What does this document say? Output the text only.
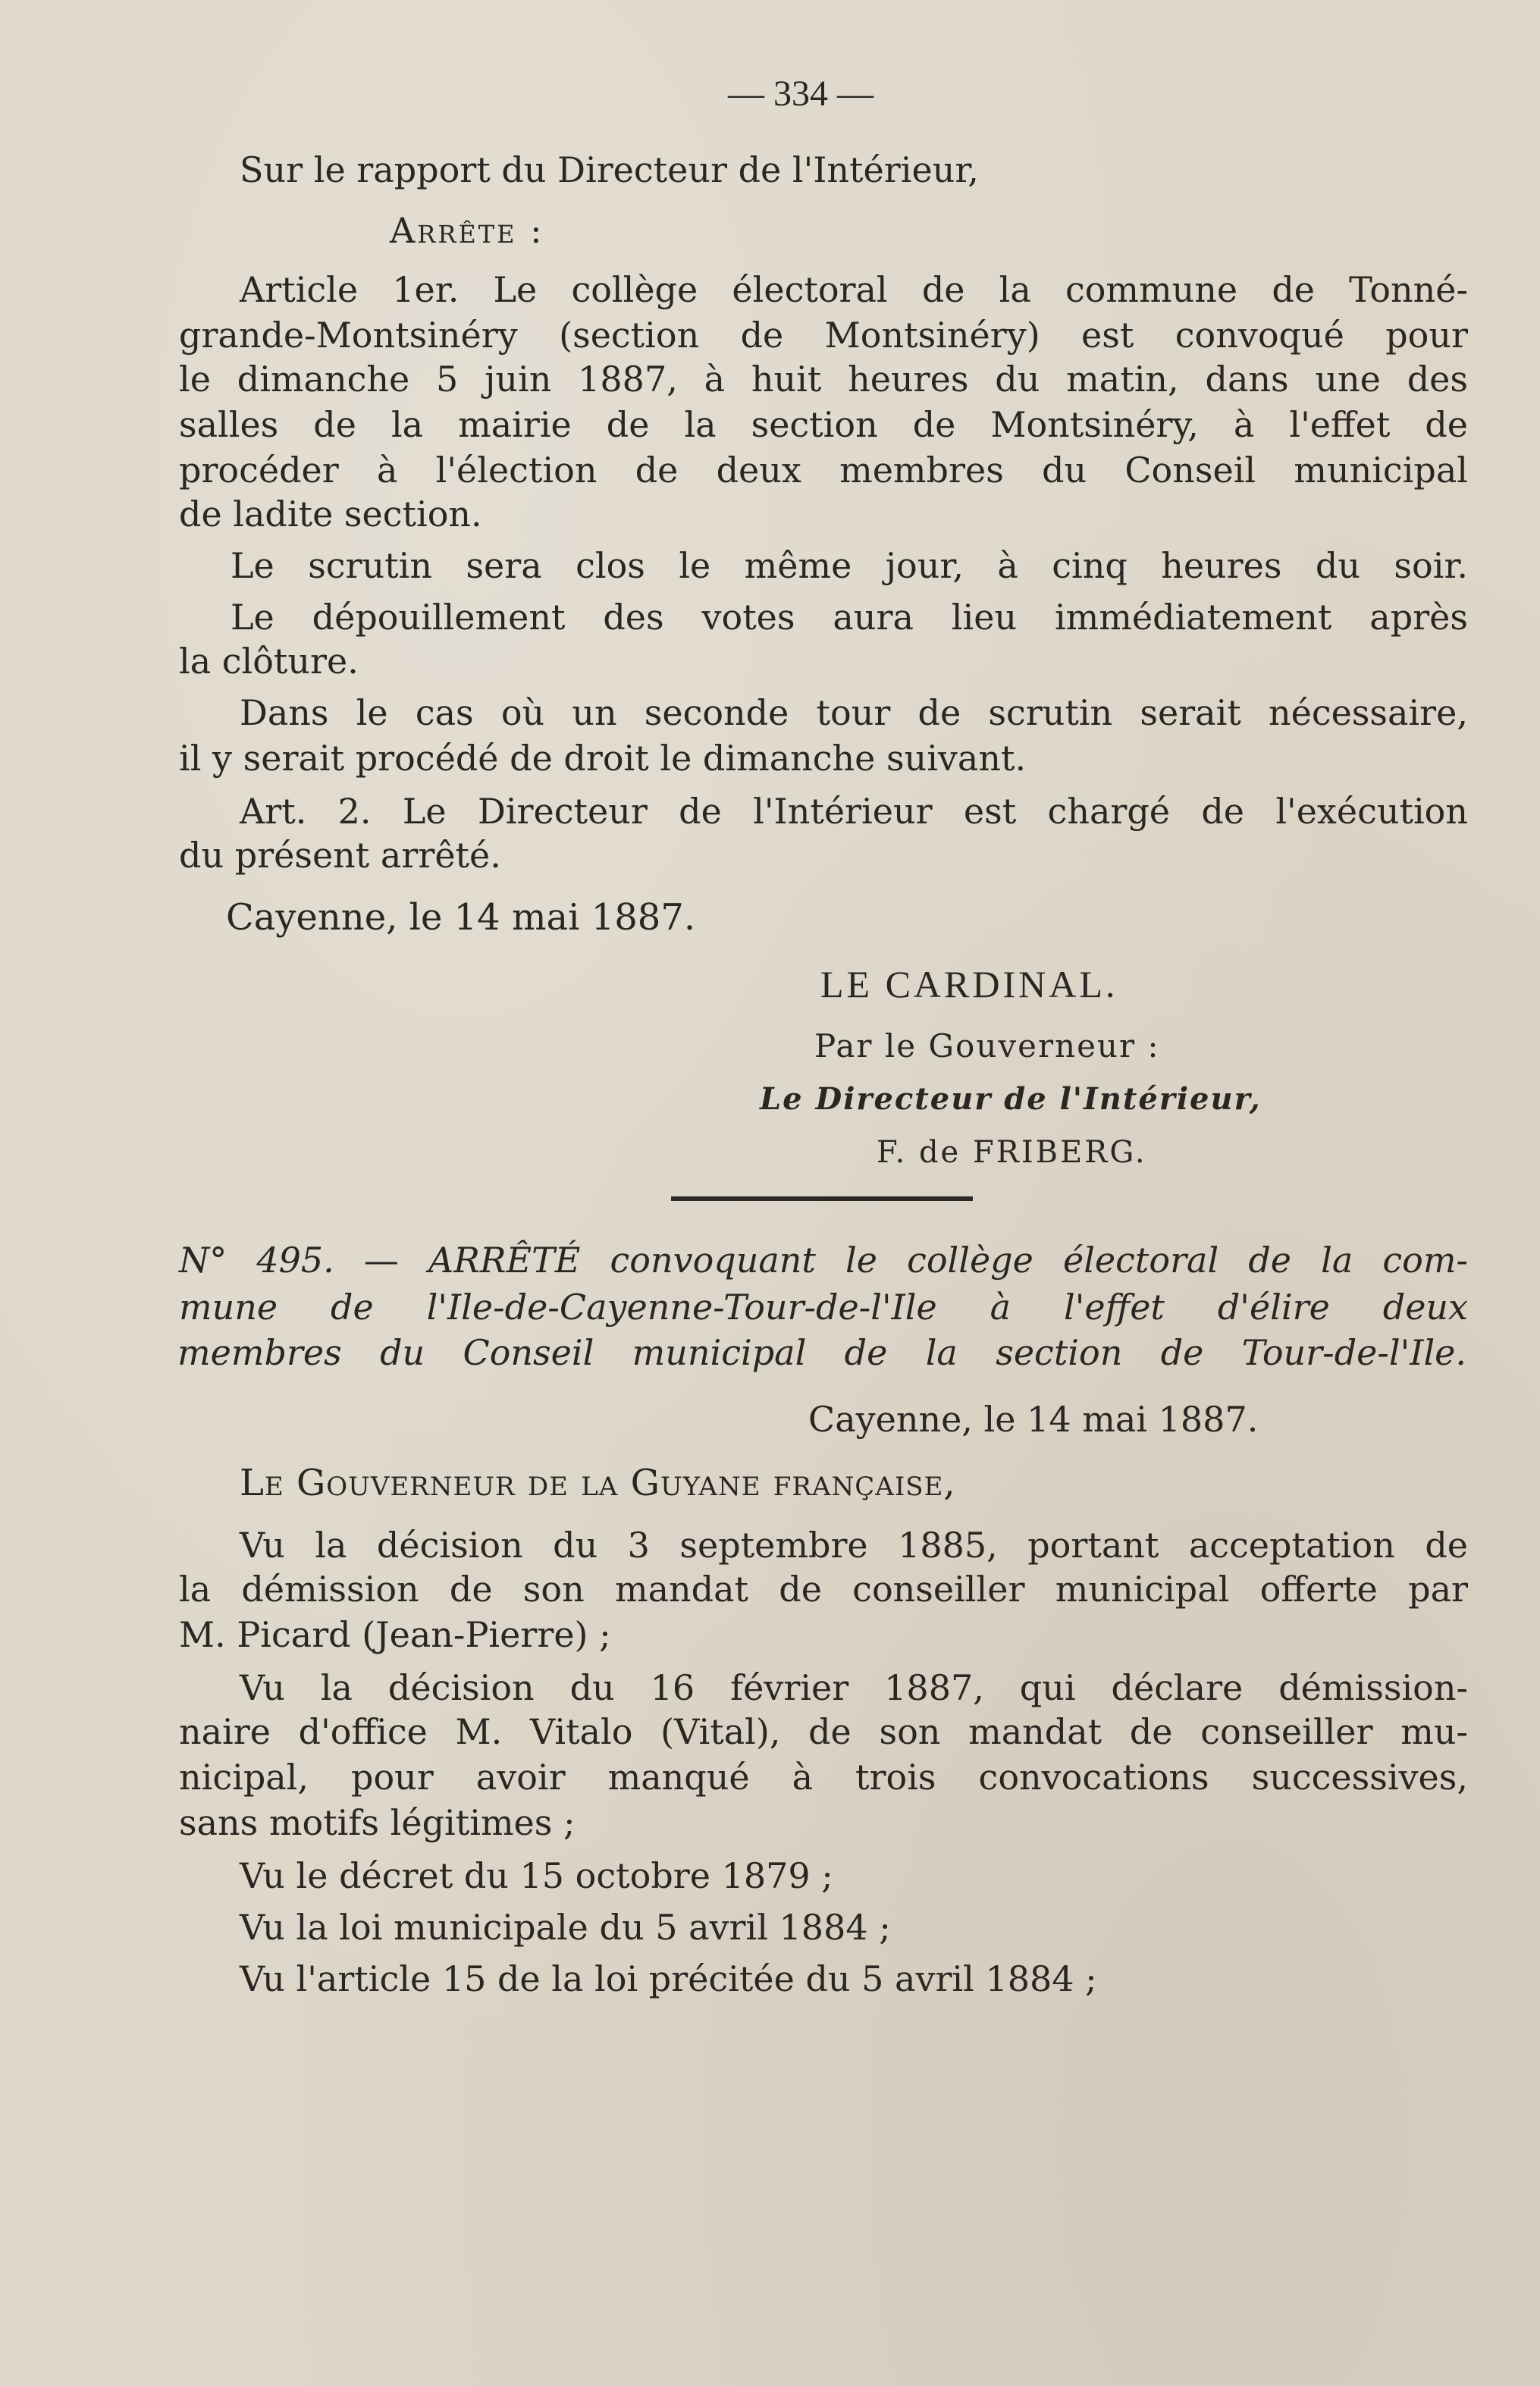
— 334 —
Sur le rapport du Directeur de l'Intérieur,
Arrête :
Article 1er. Le collège électoral de la commune de Tonné-
grande-Montsinéry (section de Montsinéry) est convoqué pour
le dimanche 5 juin 1887, à huit heures du matin, dans une des
salles de la mairie de la section de Montsinéry, à l'effet de
procéder à l'élection de deux membres du Conseil municipal
de ladite section.
Le scrutin sera clos le même jour, à cinq heures du soir.
Le dépouillement des votes aura lieu immédiatement après
la clôture.
Dans le cas où un seconde tour de scrutin serait nécessaire,
il y serait procédé de droit le dimanche suivant.
Art. 2. Le Directeur de l'Intérieur est chargé de l'exécution
du présent arrêté.
Cayenne, le 14 mai 1887.
LE CARDINAL.
Par le Gouverneur :
Le Directeur de l'Intérieur,
F. de FRIBERG.
N° 495. — ARRÊTÉ convoquant le collège électoral de la com-
mune de l'Ile-de-Cayenne-Tour-de-l'Ile à l'effet d'élire deux
membres du Conseil municipal de la section de Tour-de-l'Ile.
Cayenne, le 14 mai 1887.
Le Gouverneur de la Guyane française,
Vu la décision du 3 septembre 1885, portant acceptation de
la démission de son mandat de conseiller municipal offerte par
M. Picard (Jean-Pierre) ;
Vu la décision du 16 février 1887, qui déclare démission-
naire d'office M. Vitalo (Vital), de son mandat de conseiller mu-
nicipal, pour avoir manqué à trois convocations successives,
sans motifs légitimes ;
Vu le décret du 15 octobre 1879 ;
Vu la loi municipale du 5 avril 1884 ;
Vu l'article 15 de la loi précitée du 5 avril 1884 ;
